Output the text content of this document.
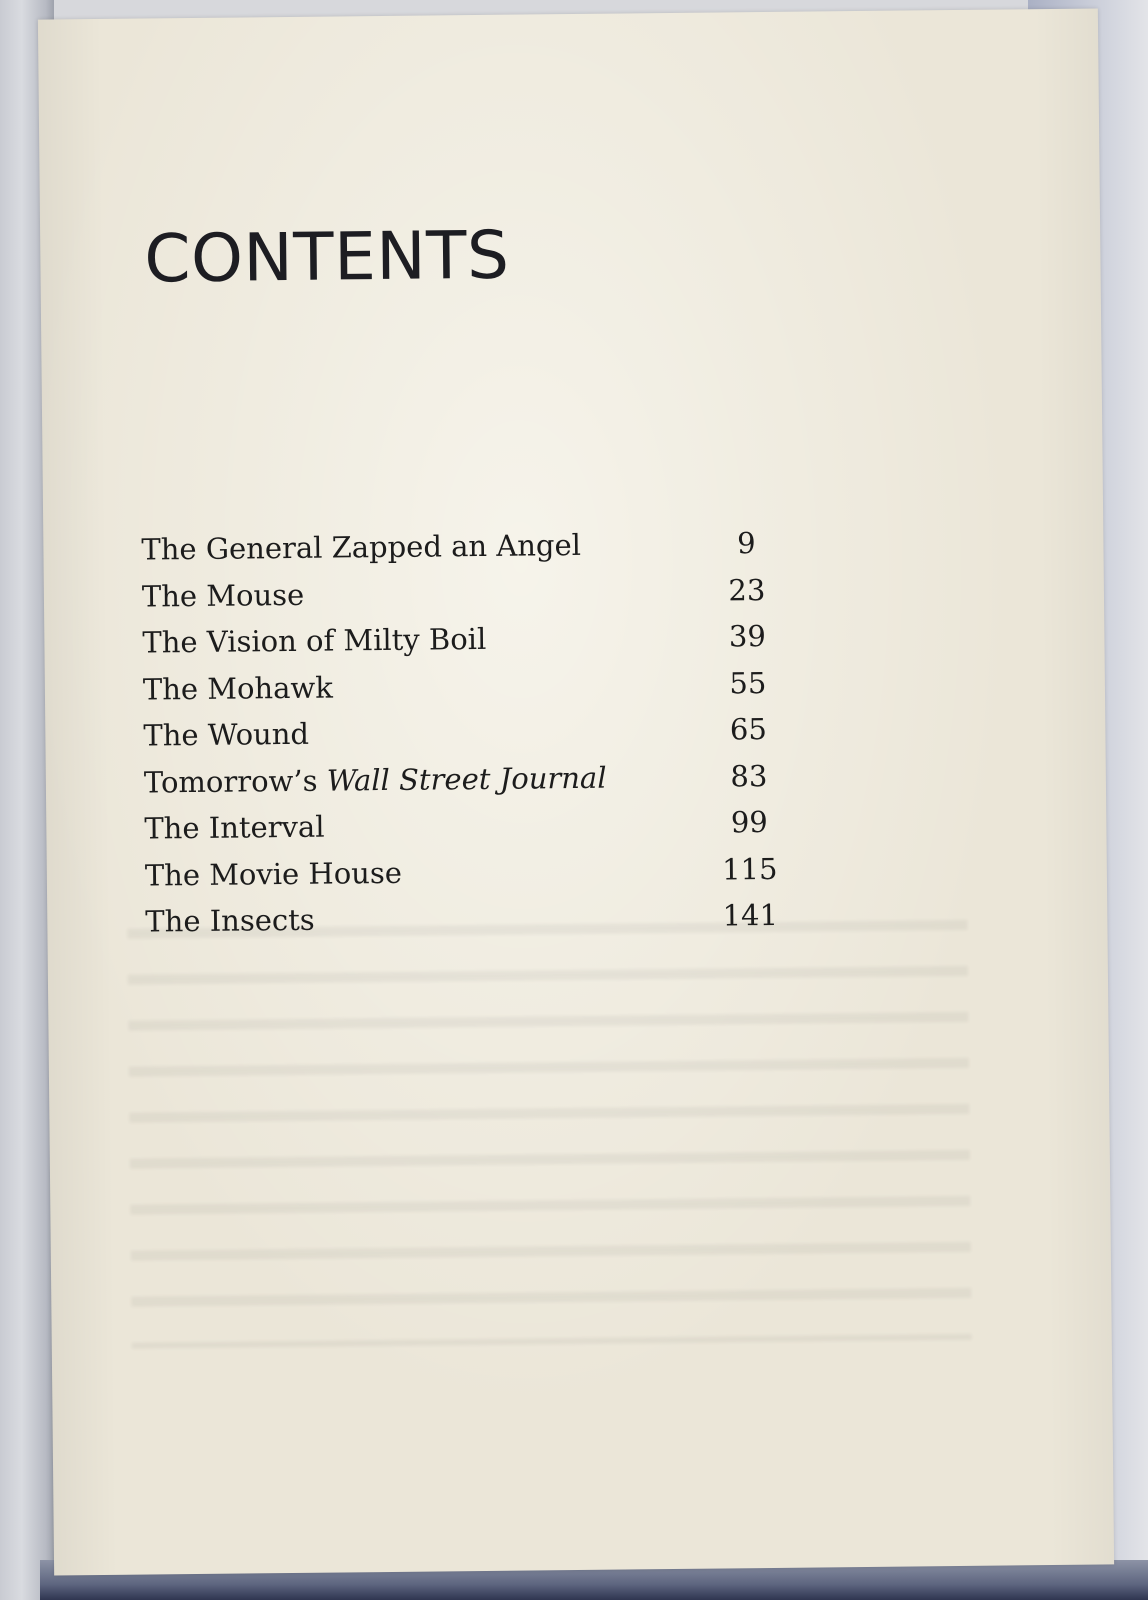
CONTENTS
The General Zapped an Angel	9
The Mouse	23
The Vision of Milty Boil	39
The Mohawk	55
The Wound	65
Tomorrow’s Wall Street Journal	83
The Interval	99
The Movie House	115
The Insects	141
